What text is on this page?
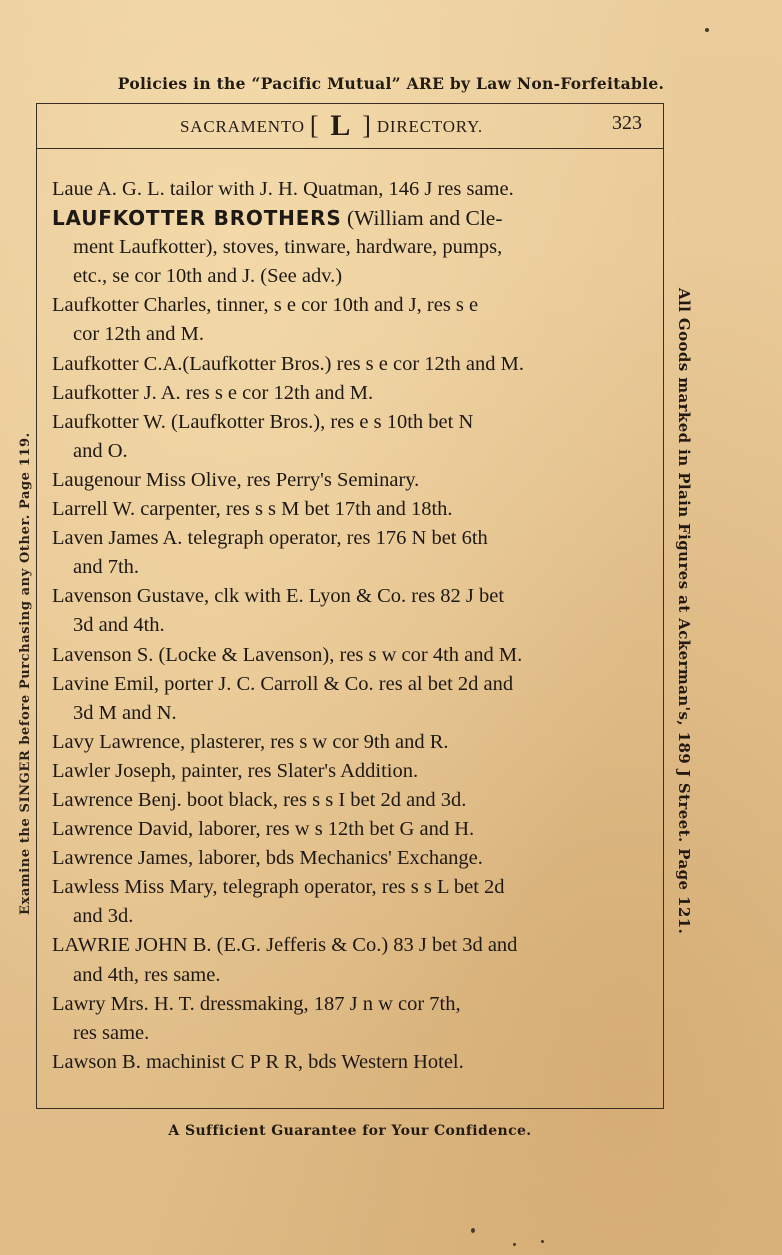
Policies in the “Pacific Mutual” ARE by Law Non-Forfeitable.
SACRAMENTO [ L ] DIRECTORY.	323
Laue A. G. L. tailor with J. H. Quatman, 146 J res same.
LAUFKOTTER BROTHERS (William and Cle-
ment Laufkotter), stoves, tinware, hardware, pumps,
etc., se cor 10th and J. (See adv.)
Laufkotter Charles, tinner, s e cor 10th and J, res s e
cor 12th and M.
Laufkotter C.A.(Laufkotter Bros.) res s e cor 12th and M.
Laufkotter J. A. res s e cor 12th and M.
Laufkotter W. (Laufkotter Bros.), res e s 10th bet N
and O.
Laugenour Miss Olive, res Perry's Seminary.
Larrell W. carpenter, res s s M bet 17th and 18th.
Laven James A. telegraph operator, res 176 N bet 6th
and 7th.
Lavenson Gustave, clk with E. Lyon & Co. res 82 J bet
3d and 4th.
Lavenson S. (Locke & Lavenson), res s w cor 4th and M.
Lavine Emil, porter J. C. Carroll & Co. res al bet 2d and
3d M and N.
Lavy Lawrence, plasterer, res s w cor 9th and R.
Lawler Joseph, painter, res Slater's Addition.
Lawrence Benj. boot black, res s s I bet 2d and 3d.
Lawrence David, laborer, res w s 12th bet G and H.
Lawrence James, laborer, bds Mechanics' Exchange.
Lawless Miss Mary, telegraph operator, res s s L bet 2d
and 3d.
LAWRIE JOHN B. (E.G. Jefferis & Co.) 83 J bet 3d and
and 4th, res same.
Lawry Mrs. H. T. dressmaking, 187 J n w cor 7th,
res same.
Lawson B. machinist C P R R, bds Western Hotel.
Examine the SINGER before Purchasing any Other. Page 119.	All Goods marked in Plain Figures at Ackerman's, 189 J Street. Page 121.
A Sufficient Guarantee for Your Confidence.
